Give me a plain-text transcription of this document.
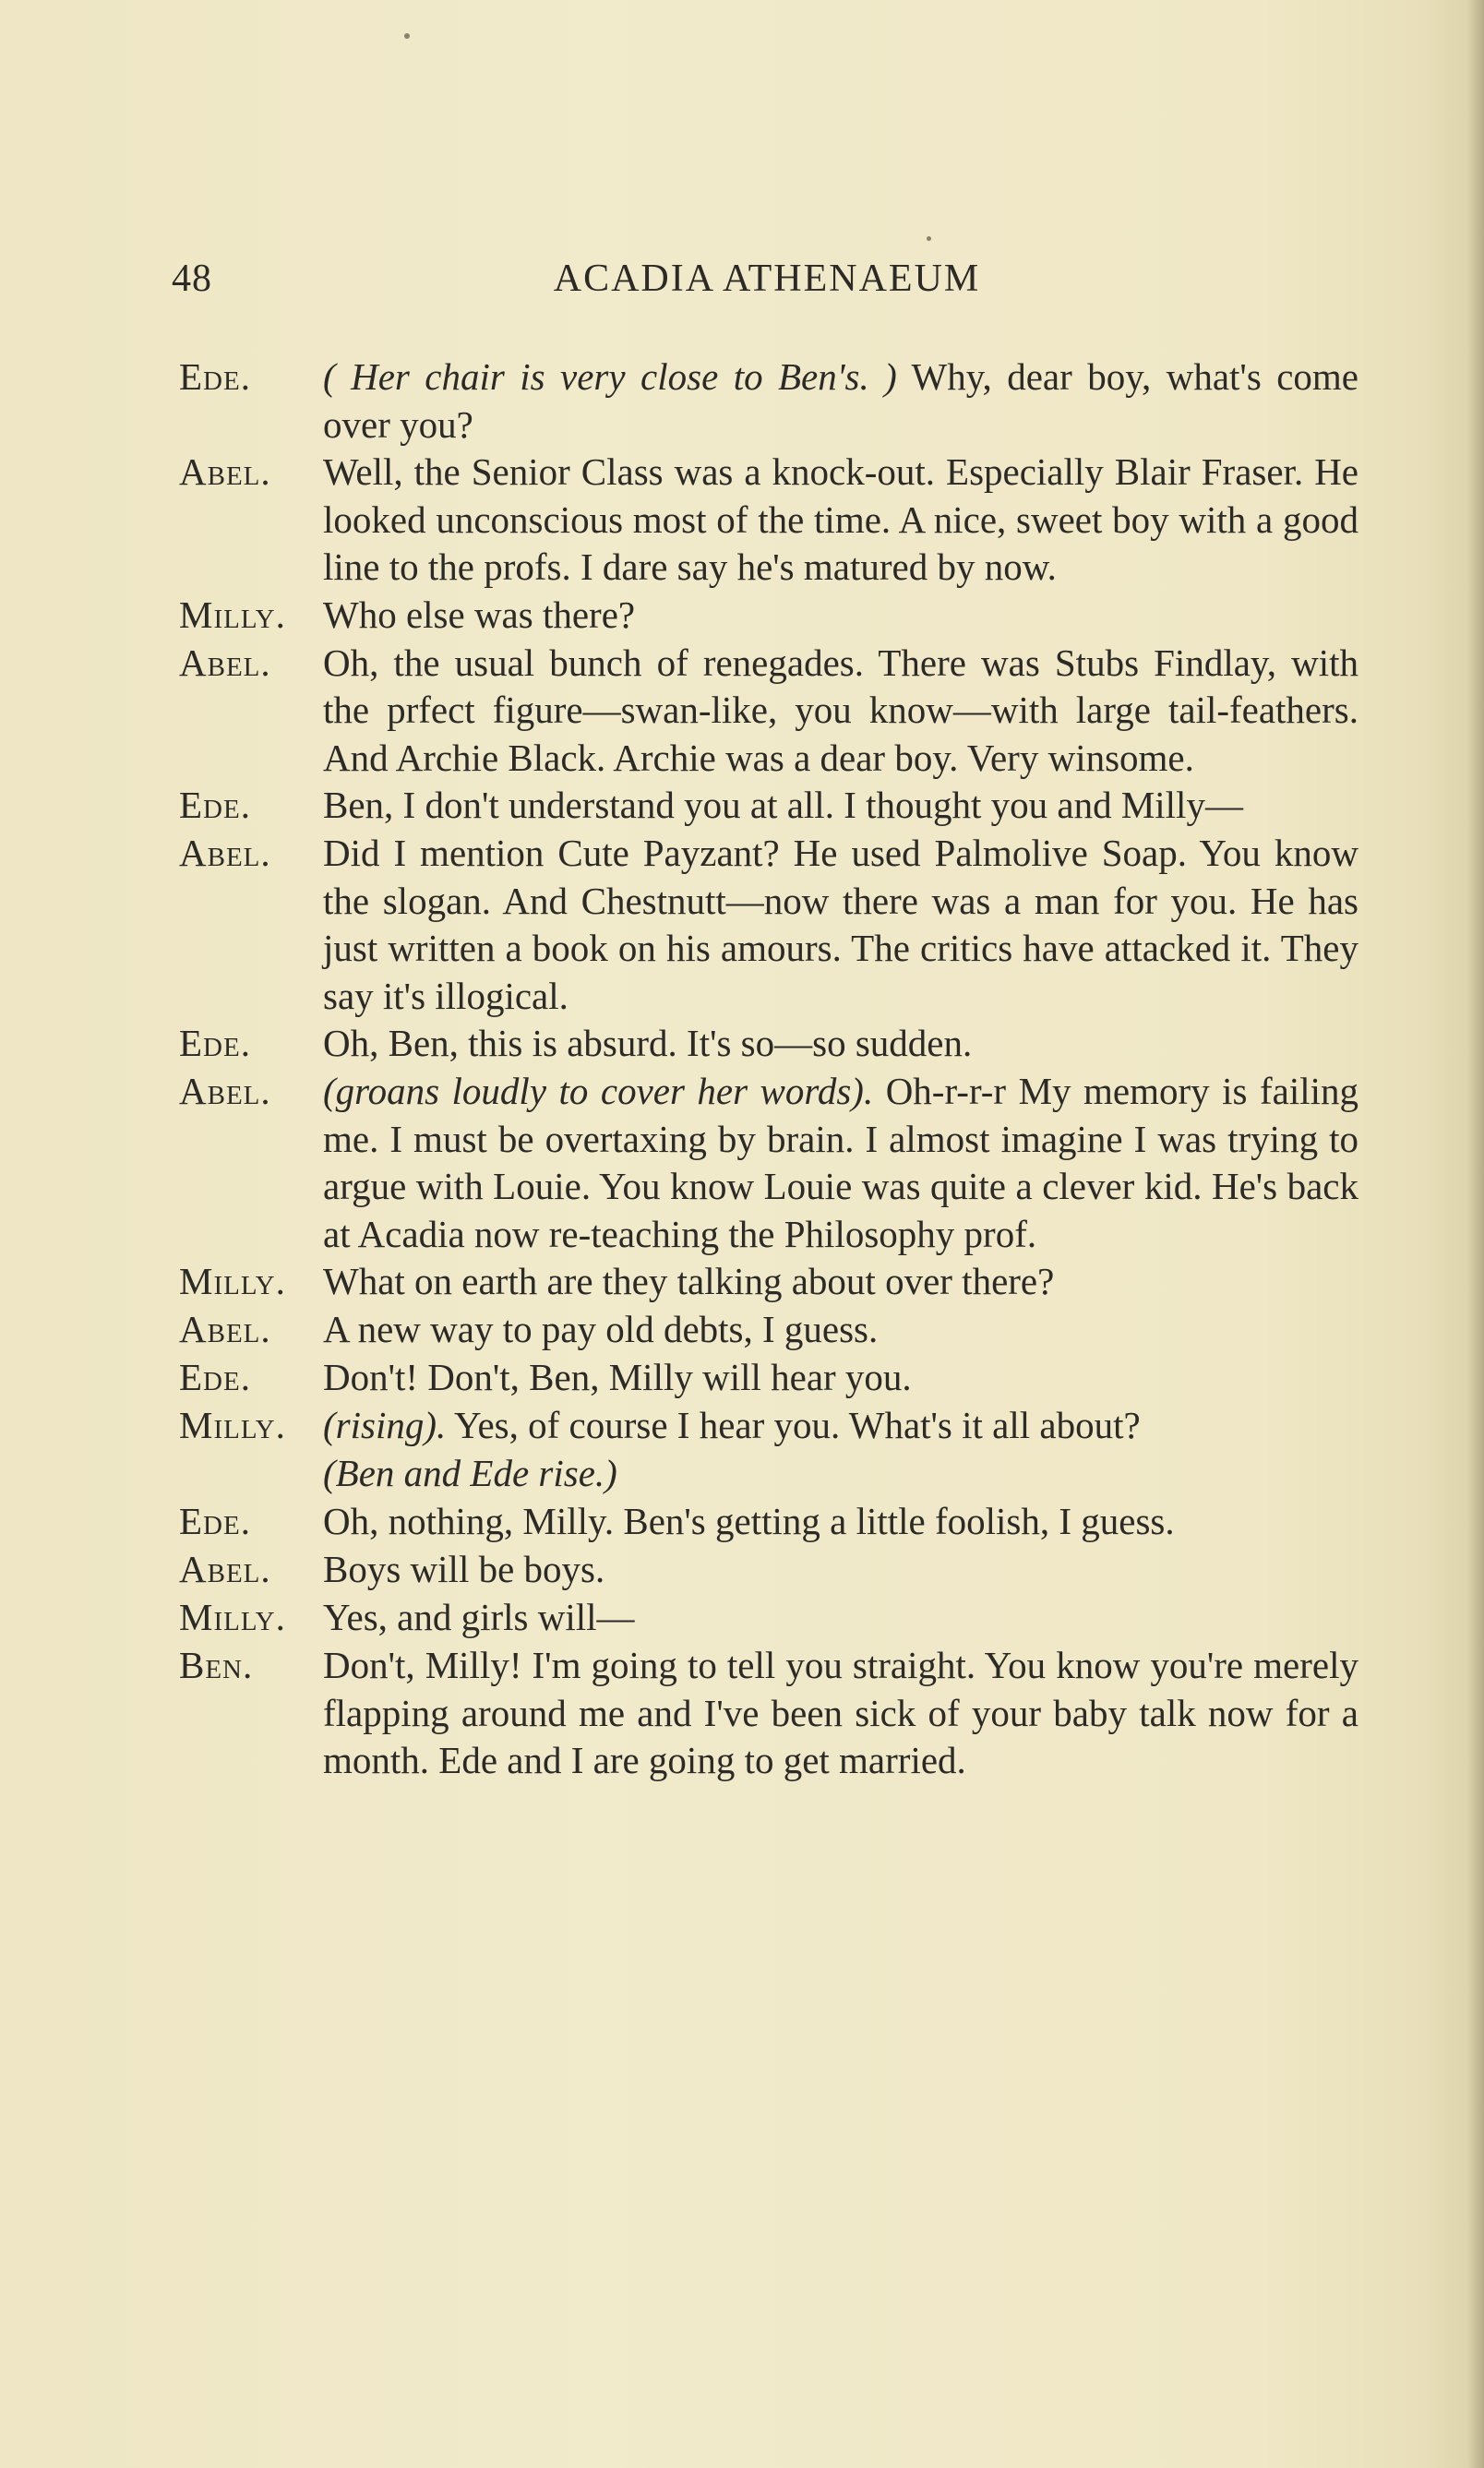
48	ACADIA ATHENAEUM
Ede.	( Her chair is very close to Ben's. ) Why, dear boy, what's come over you?
Abel.	Well, the Senior Class was a knock-out. Especially Blair Fraser. He looked unconscious most of the time. A nice, sweet boy with a good line to the profs. I dare say he's matured by now.
Milly. Who else was there?
Abel.	Oh, the usual bunch of renegades. There was Stubs Findlay, with the prfect figure—swan-like, you know—with large tail-feathers. And Archie Black. Archie was a dear boy. Very winsome.
Ede.	Ben, I don't understand you at all. I thought you and Milly—
Abel.	Did I mention Cute Payzant? He used Palmolive Soap. You know the slogan. And Chestnutt—now there was a man for you. He has just written a book on his amours. The critics have attacked it. They say it's illogical.
Ede.	Oh, Ben, this is absurd. It's so—so sudden.
Abel.	(groans loudly to cover her words). Oh-r-r-r My memory is failing me. I must be overtaxing by brain. I almost imagine I was trying to argue with Louie. You know Louie was quite a clever kid. He's back at Acadia now re-teaching the Philosophy prof.
Milly. What on earth are they talking about over there?
Abel.	A new way to pay old debts, I guess.
Ede.	Don't! Don't, Ben, Milly will hear you.
Milly. (rising). Yes, of course I hear you. What's it all about?
(Ben and Ede rise.)
Ede.	Oh, nothing, Milly. Ben's getting a little foolish, I guess.
Abel.	Boys will be boys.
Milly. Yes, and girls will—
Ben.	Don't, Milly! I'm going to tell you straight. You know you're merely flapping around me and I've been sick of your baby talk now for a month. Ede and I are going to get married.
